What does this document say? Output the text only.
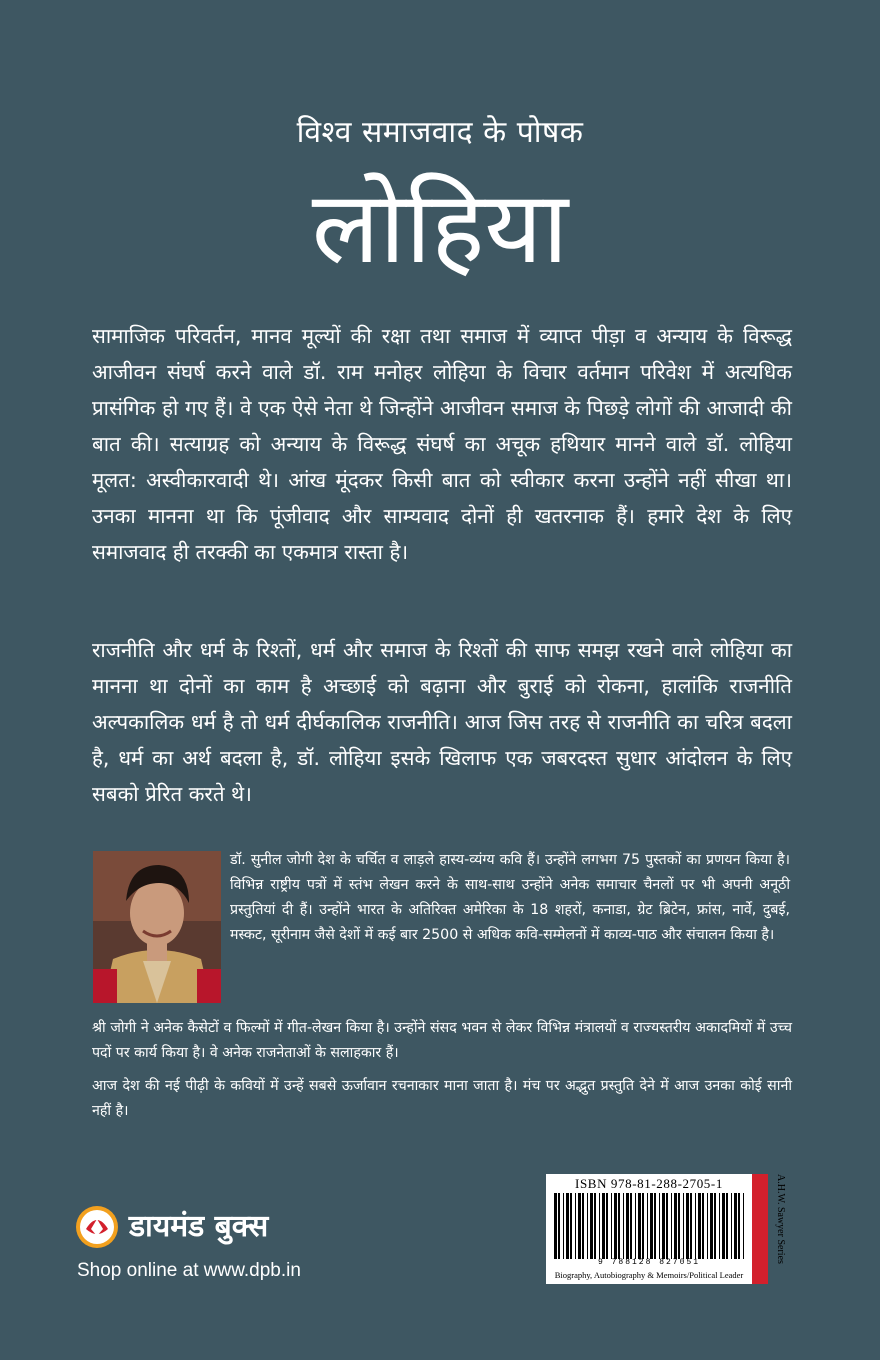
विश्व समाजवाद के पोषक
लोहिया

सामाजिक परिवर्तन, मानव मूल्यों की रक्षा तथा समाज में व्याप्त पीड़ा व अन्याय के विरूद्ध आजीवन संघर्ष करने वाले डॉ. राम मनोहर लोहिया के विचार वर्तमान परिवेश में अत्यधिक प्रासंगिक हो गए हैं। वे एक ऐसे नेता थे जिन्होंने आजीवन समाज के पिछड़े लोगों की आजादी की बात की। सत्याग्रह को अन्याय के विरूद्ध संघर्ष का अचूक हथियार मानने वाले डॉ. लोहिया मूलत: अस्वीकारवादी थे। आंख मूंदकर किसी बात को स्वीकार करना उन्होंने नहीं सीखा था। उनका मानना था कि पूंजीवाद और साम्यवाद दोनों ही खतरनाक हैं। हमारे देश के लिए समाजवाद ही तरक्की का एकमात्र रास्ता है।

राजनीति और धर्म के रिश्तों, धर्म और समाज के रिश्तों की साफ समझ रखने वाले लोहिया का मानना था दोनों का काम है अच्छाई को बढ़ाना और बुराई को रोकना, हालांकि राजनीति अल्पकालिक धर्म है तो धर्म दीर्घकालिक राजनीति। आज जिस तरह से राजनीति का चरित्र बदला है, धर्म का अर्थ बदला है, डॉ. लोहिया इसके खिलाफ एक जबरदस्त सुधार आंदोलन के लिए सबको प्रेरित करते थे।

डॉ. सुनील जोगी देश के चर्चित व लाड़ले हास्य-व्यंग्य कवि हैं। उन्होंने लगभग 75 पुस्तकों का प्रणयन किया है। विभिन्न राष्ट्रीय पत्रों में स्तंभ लेखन करने के साथ-साथ उन्होंने अनेक समाचार चैनलों पर भी अपनी अनूठी प्रस्तुतियां दी हैं। उन्होंने भारत के अतिरिक्त अमेरिका के 18 शहरों, कनाडा, ग्रेट ब्रिटेन, फ्रांस, नार्वे, दुबई, मस्कट, सूरीनाम जैसे देशों में कई बार 2500 से अधिक कवि-सम्मेलनों में काव्य-पाठ और संचालन किया है।

श्री जोगी ने अनेक कैसेटों व फिल्मों में गीत-लेखन किया है। उन्होंने संसद भवन से लेकर विभिन्न मंत्रालयों व राज्यस्तरीय अकादमियों में उच्च पदों पर कार्य किया है। वे अनेक राजनेताओं के सलाहकार हैं।

आज देश की नई पीढ़ी के कवियों में उन्हें सबसे ऊर्जावान रचनाकार माना जाता है। मंच पर अद्भुत प्रस्तुति देने में आज उनका कोई सानी नहीं है।

डायमंड बुक्स
Shop online at www.dpb.in
ISBN 978-81-288-2705-1
9 788128 827051
Biography, Autobiography & Memoirs/Political Leader
A.H.W. Sawyer Series
